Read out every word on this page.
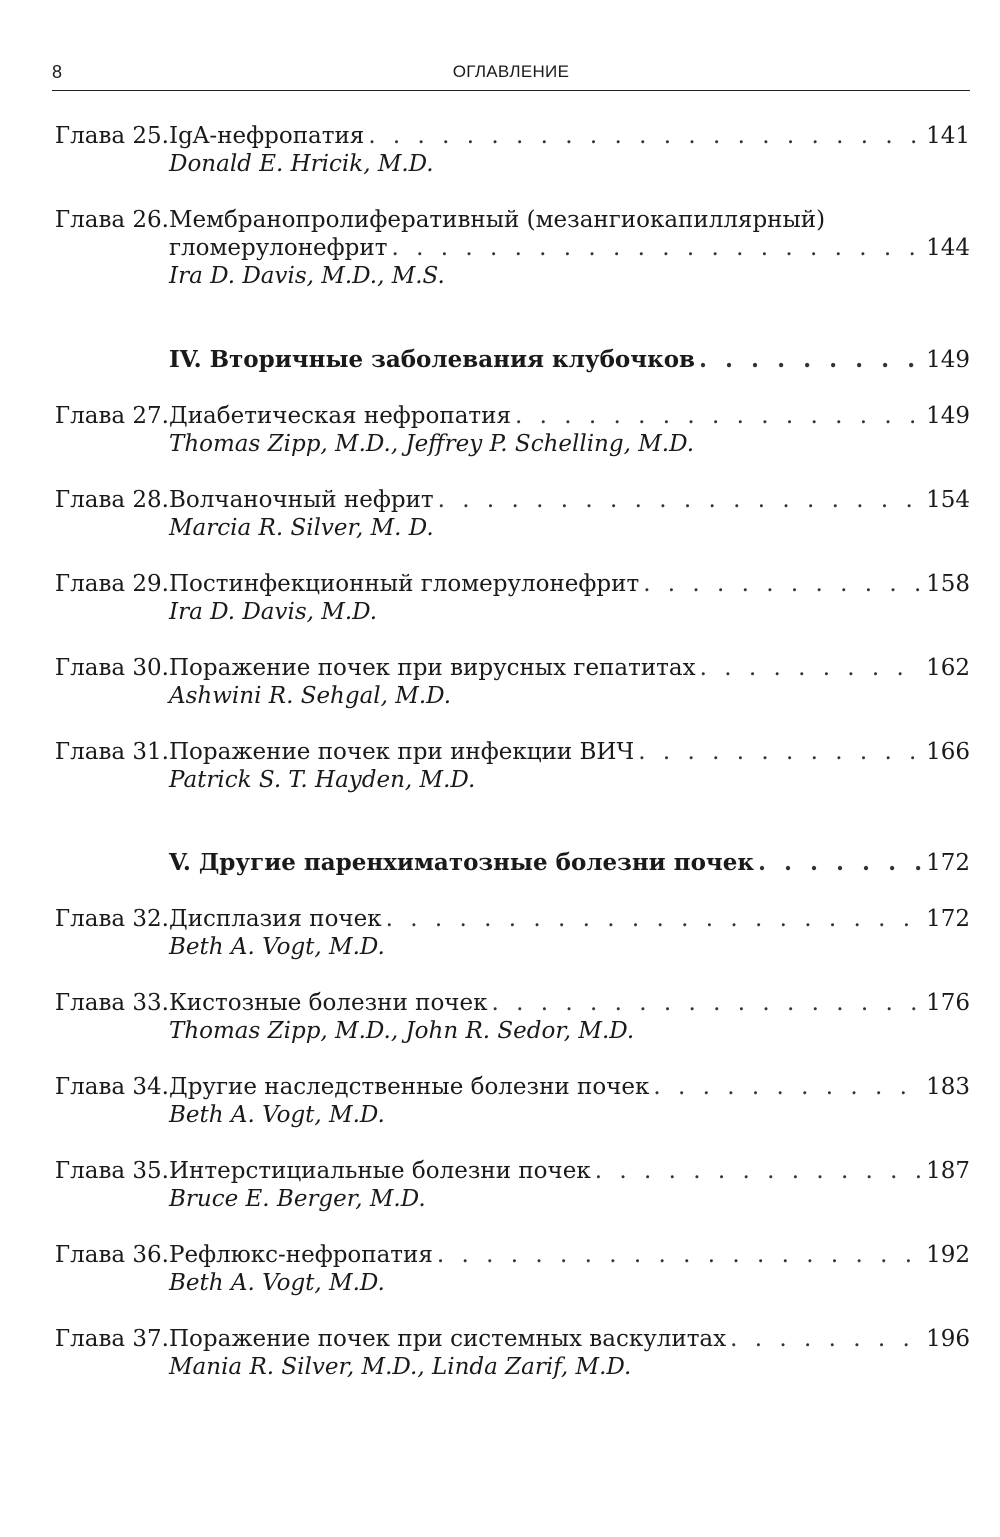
8	ОГЛАВЛЕНИЕ
Глава 25. IgA-нефропатия . . .	141
Donald E. Hricik, M.D.
Глава 26. Мембранопролиферативный (мезангиокапиллярный)
гломерулонефрит . . .	144
Ira D. Davis, M.D., M.S.
IV. Вторичные заболевания клубочков . . .	149
Глава 27. Диабетическая нефропатия . . .	149
Thomas Zipp, M.D., Jeffrey P. Schelling, M.D.
Глава 28. Волчаночный нефрит . . .	154
Marcia R. Silver, M. D.
Глава 29. Постинфекционный гломерулонефрит . . .	158
Ira D. Davis, M.D.
Глава 30. Поражение почек при вирусных гепатитах . . .	162
Ashwini R. Sehgal, M.D.
Глава 31. Поражение почек при инфекции ВИЧ . . .	166
Patrick S. T. Hayden, M.D.
V. Другие паренхиматозные болезни почек . . .	172
Глава 32. Дисплазия почек . . .	172
Beth A. Vogt, M.D.
Глава 33. Кистозные болезни почек . . .	176
Thomas Zipp, M.D., John R. Sedor, M.D.
Глава 34. Другие наследственные болезни почек . . .	183
Beth A. Vogt, M.D.
Глава 35. Интерстициальные болезни почек . . .	187
Bruce E. Berger, M.D.
Глава 36. Рефлюкс-нефропатия . . .	192
Beth A. Vogt, M.D.
Глава 37. Поражение почек при системных васкулитах . . .	196
Mania R. Silver, M.D., Linda Zarif, M.D.
